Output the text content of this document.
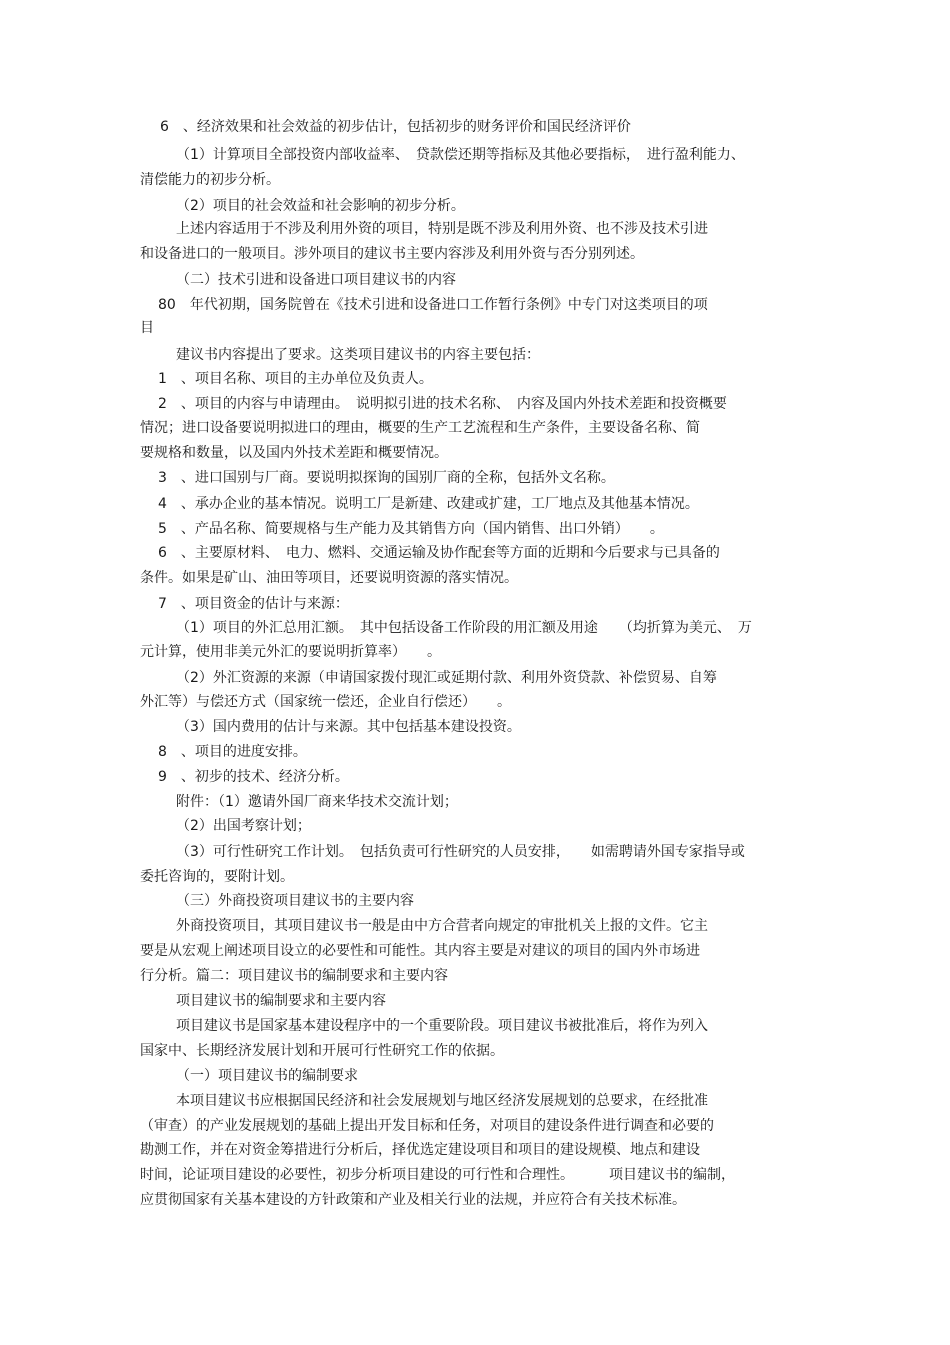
6　、经济效果和社会效益的初步估计，包括初步的财务评价和国民经济评价

（1）计算项目全部投资内部收益率、　贷款偿还期等指标及其他必要指标，　进行盈利能力、

清偿能力的初步分析。

（2）项目的社会效益和社会影响的初步分析。

上述内容适用于不涉及利用外资的项目，特别是既不涉及利用外资、也不涉及技术引进

和设备进口的一般项目。涉外项目的建议书主要内容涉及利用外资与否分别列述。

（二）技术引进和设备进口项目建议书的内容

80　年代初期，国务院曾在《技术引进和设备进口工作暂行条例》中专门对这类项目的项

目

建议书内容提出了要求。这类项目建议书的内容主要包括：

1　、项目名称、项目的主办单位及负责人。

2　、项目的内容与申请理由。　说明拟引进的技术名称、　内容及国内外技术差距和投资概要

情况；进口设备要说明拟进口的理由，概要的生产工艺流程和生产条件，主要设备名称、简

要规格和数量，以及国内外技术差距和概要情况。

3　、进口国别与厂商。要说明拟探询的国别厂商的全称，包括外文名称。

4　、承办企业的基本情况。说明工厂是新建、改建或扩建，工厂地点及其他基本情况。

5　、产品名称、简要规格与生产能力及其销售方向（国内销售、出口外销）　　。

6　、主要原材料、　电力、燃料、交通运输及协作配套等方面的近期和今后要求与已具备的

条件。如果是矿山、油田等项目，还要说明资源的落实情况。

7　、项目资金的估计与来源：

（1）项目的外汇总用汇额。　其中包括设备工作阶段的用汇额及用途　　（均折算为美元、　万

元计算，使用非美元外汇的要说明折算率）　　。

（2）外汇资源的来源（申请国家拨付现汇或延期付款、利用外资贷款、补偿贸易、自筹

外汇等）与偿还方式（国家统一偿还，企业自行偿还）　　。

（3）国内费用的估计与来源。其中包括基本建设投资。

8　、项目的进度安排。

9　、初步的技术、经济分析。

附件：（1）邀请外国厂商来华技术交流计划；

（2）出国考察计划；

（3）可行性研究工作计划。　包括负责可行性研究的人员安排，　　如需聘请外国专家指导或

委托咨询的，要附计划。

（三）外商投资项目建议书的主要内容

外商投资项目，其项目建议书一般是由中方合营者向规定的审批机关上报的文件。它主

要是从宏观上阐述项目设立的必要性和可能性。其内容主要是对建议的项目的国内外市场进

行分析。篇二：项目建议书的编制要求和主要内容

项目建议书的编制要求和主要内容

项目建议书是国家基本建设程序中的一个重要阶段。项目建议书被批准后，将作为列入

国家中、长期经济发展计划和开展可行性研究工作的依据。

（一）项目建议书的编制要求

本项目建议书应根据国民经济和社会发展规划与地区经济发展规划的总要求，在经批准

（审查）的产业发展规划的基础上提出开发目标和任务，对项目的建设条件进行调查和必要的

勘测工作，并在对资金筹措进行分析后，择优选定建设项目和项目的建设规模、地点和建设

时间，论证项目建设的必要性，初步分析项目建设的可行性和合理性。　　　项目建议书的编制，

应贯彻国家有关基本建设的方针政策和产业及相关行业的法规，并应符合有关技术标准。
